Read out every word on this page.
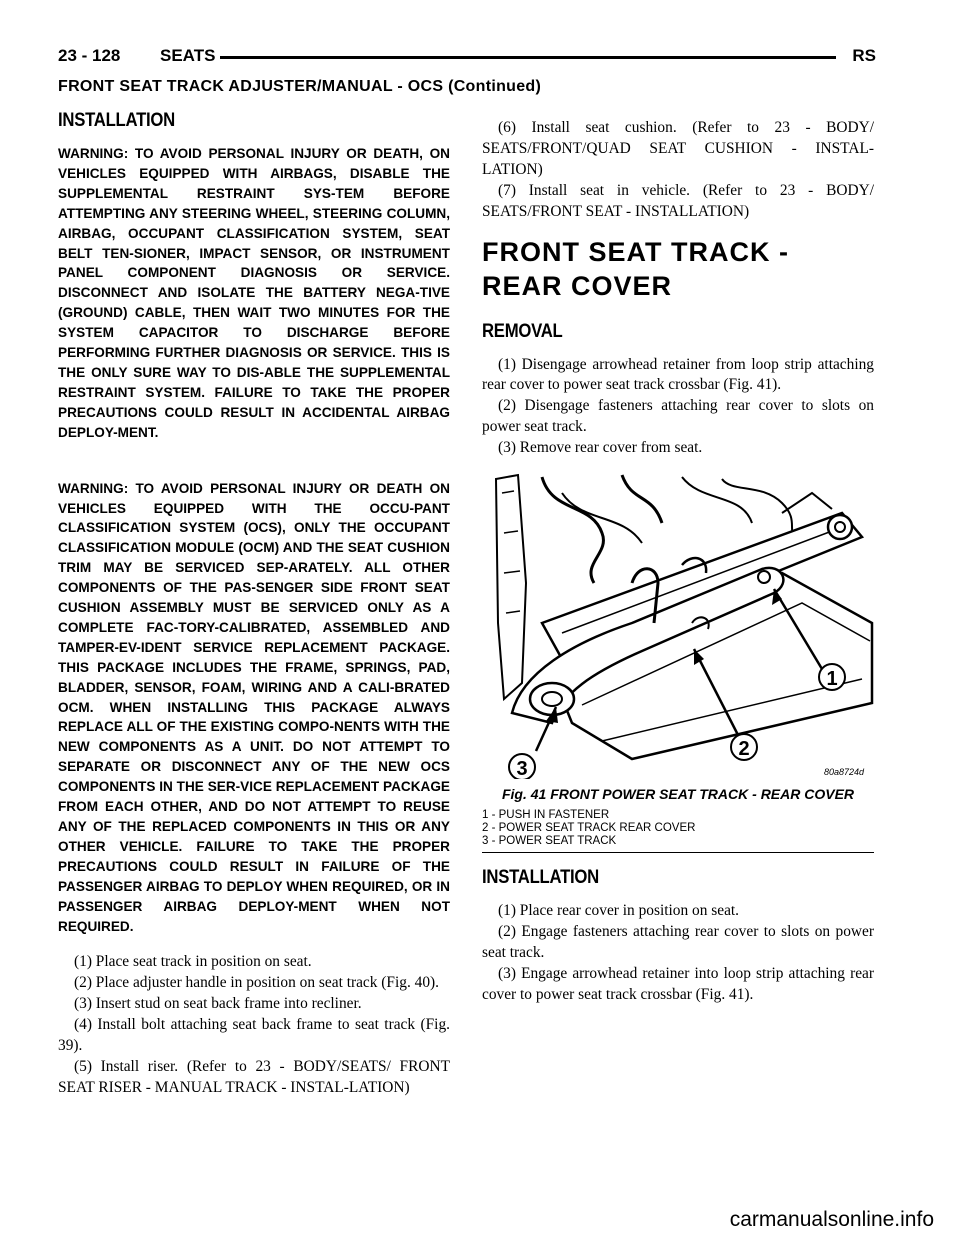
23 - 128 SEATS	RS
FRONT SEAT TRACK ADJUSTER/MANUAL - OCS (Continued)
INSTALLATION

WARNING: TO AVOID PERSONAL INJURY OR DEATH, ON VEHICLES EQUIPPED WITH AIRBAGS, DISABLE THE SUPPLEMENTAL RESTRAINT SYS-TEM BEFORE ATTEMPTING ANY STEERING WHEEL, STEERING COLUMN, AIRBAG, OCCUPANT CLASSIFICATION SYSTEM, SEAT BELT TEN-SIONER, IMPACT SENSOR, OR INSTRUMENT PANEL COMPONENT DIAGNOSIS OR SERVICE. DISCONNECT AND ISOLATE THE BATTERY NEGA-TIVE (GROUND) CABLE, THEN WAIT TWO MINUTES FOR THE SYSTEM CAPACITOR TO DISCHARGE BEFORE PERFORMING FURTHER DIAGNOSIS OR SERVICE. THIS IS THE ONLY SURE WAY TO DIS-ABLE THE SUPPLEMENTAL RESTRAINT SYSTEM. FAILURE TO TAKE THE PROPER PRECAUTIONS COULD RESULT IN ACCIDENTAL AIRBAG DEPLOY-MENT.

WARNING: TO AVOID PERSONAL INJURY OR DEATH ON VEHICLES EQUIPPED WITH THE OCCU-PANT CLASSIFICATION SYSTEM (OCS), ONLY THE OCCUPANT CLASSIFICATION MODULE (OCM) AND THE SEAT CUSHION TRIM MAY BE SERVICED SEP-ARATELY. ALL OTHER COMPONENTS OF THE PAS-SENGER SIDE FRONT SEAT CUSHION ASSEMBLY MUST BE SERVICED ONLY AS A COMPLETE FAC-TORY-CALIBRATED, ASSEMBLED AND TAMPER-EV-IDENT SERVICE REPLACEMENT PACKAGE. THIS PACKAGE INCLUDES THE FRAME, SPRINGS, PAD, BLADDER, SENSOR, FOAM, WIRING AND A CALI-BRATED OCM. WHEN INSTALLING THIS PACKAGE ALWAYS REPLACE ALL OF THE EXISTING COMPO-NENTS WITH THE NEW COMPONENTS AS A UNIT. DO NOT ATTEMPT TO SEPARATE OR DISCONNECT ANY OF THE NEW OCS COMPONENTS IN THE SER-VICE REPLACEMENT PACKAGE FROM EACH OTHER, AND DO NOT ATTEMPT TO REUSE ANY OF THE REPLACED COMPONENTS IN THIS OR ANY OTHER VEHICLE. FAILURE TO TAKE THE PROPER PRECAUTIONS COULD RESULT IN FAILURE OF THE PASSENGER AIRBAG TO DEPLOY WHEN REQUIRED, OR IN PASSENGER AIRBAG DEPLOY-MENT WHEN NOT REQUIRED.

(1) Place seat track in position on seat.

(2) Place adjuster handle in position on seat track (Fig. 40).

(3) Insert stud on seat back frame into recliner.

(4) Install bolt attaching seat back frame to seat track (Fig. 39).

(5) Install riser. (Refer to 23 - BODY/SEATS/ FRONT SEAT RISER - MANUAL TRACK - INSTAL-LATION)

(6) Install seat cushion. (Refer to 23 - BODY/ SEATS/FRONT/QUAD SEAT CUSHION - INSTAL-LATION)

(7) Install seat in vehicle. (Refer to 23 - BODY/ SEATS/FRONT SEAT - INSTALLATION)

FRONT SEAT TRACK - REAR COVER
REMOVAL

(1) Disengage arrowhead retainer from loop strip attaching rear cover to power seat track crossbar (Fig. 41).

(2) Disengage fasteners attaching rear cover to slots on power seat track.

(3) Remove rear cover from seat.

1
2
3	80a8724d

Fig. 41 FRONT POWER SEAT TRACK - REAR COVER

1 - PUSH IN FASTENER
2 - POWER SEAT TRACK REAR COVER
3 - POWER SEAT TRACK
INSTALLATION

(1) Place rear cover in position on seat.

(2) Engage fasteners attaching rear cover to slots on power seat track.

(3) Engage arrowhead retainer into loop strip attaching rear cover to power seat track crossbar (Fig. 41).

carmanualsonline.info
